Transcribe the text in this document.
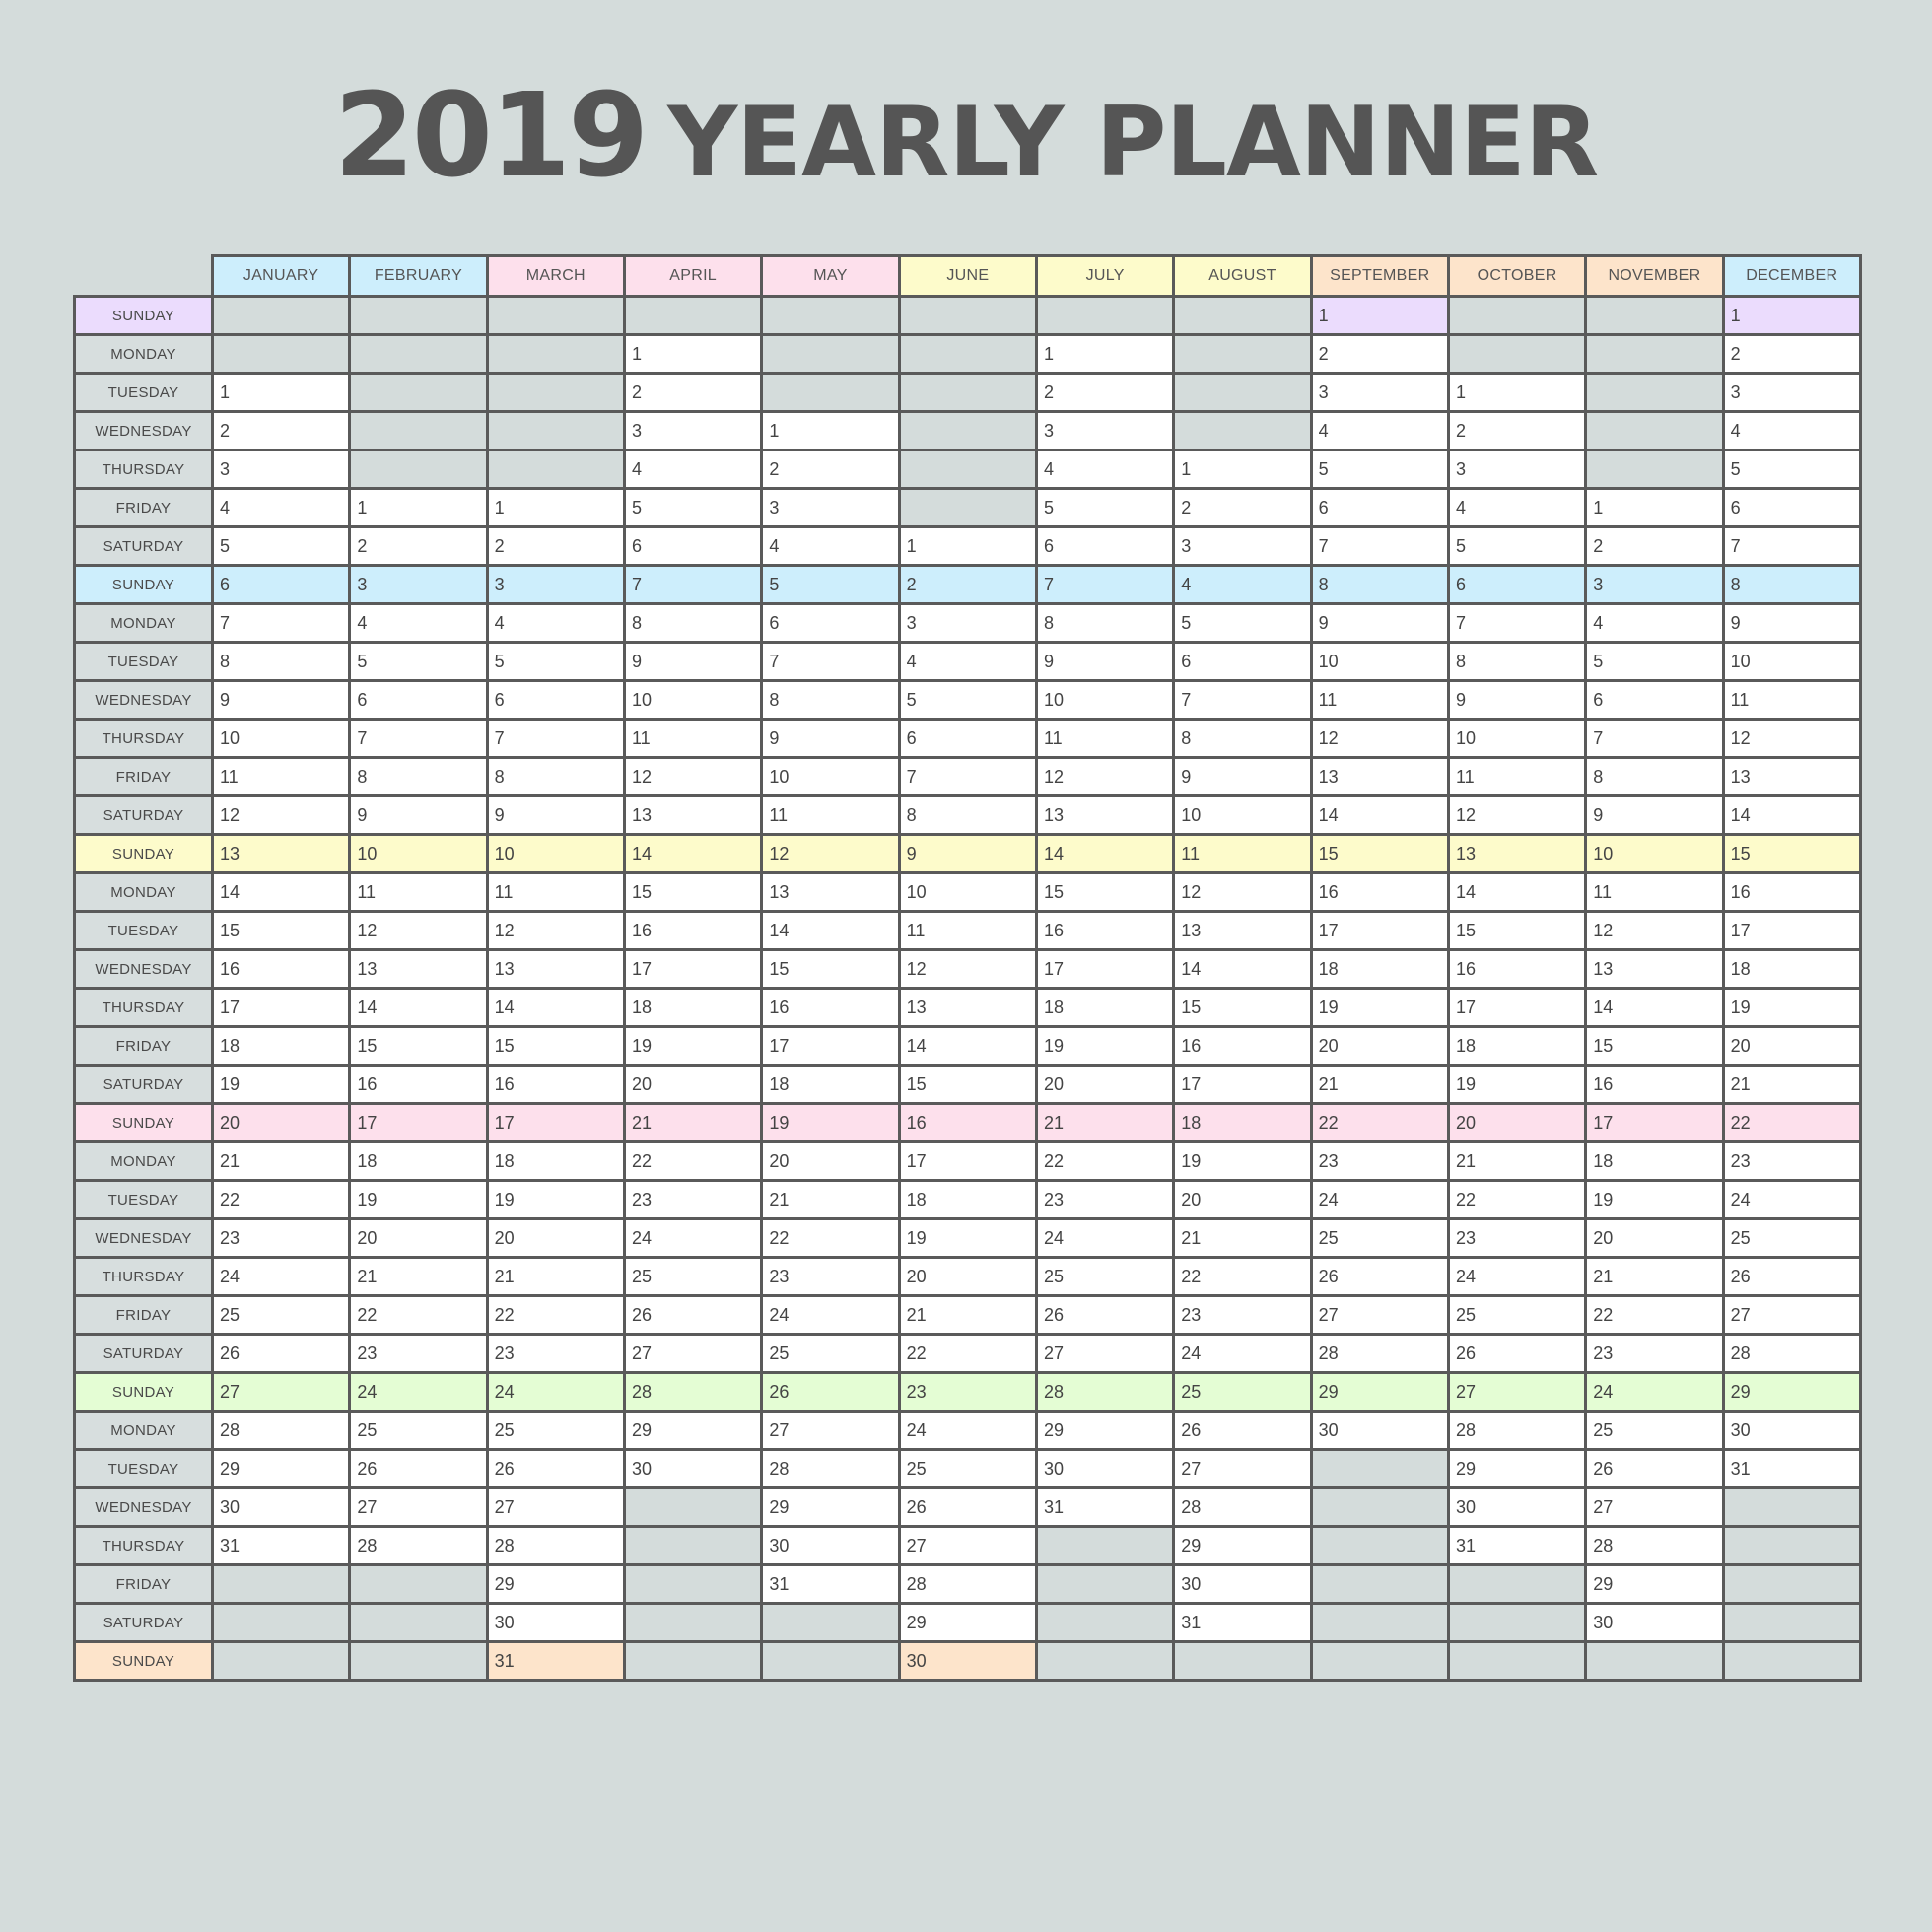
2019 YEARLY PLANNER
	JANUARY	FEBRUARY	MARCH	APRIL	MAY	JUNE	JULY	AUGUST	SEPTEMBER	OCTOBER	NOVEMBER	DECEMBER
SUNDAY									1			1
MONDAY				1			1		2			2
TUESDAY	1			2			2		3	1		3
WEDNESDAY	2			3	1		3		4	2		4
THURSDAY	3			4	2		4	1	5	3		5
FRIDAY	4	1	1	5	3		5	2	6	4	1	6
SATURDAY	5	2	2	6	4	1	6	3	7	5	2	7
SUNDAY	6	3	3	7	5	2	7	4	8	6	3	8
MONDAY	7	4	4	8	6	3	8	5	9	7	4	9
TUESDAY	8	5	5	9	7	4	9	6	10	8	5	10
WEDNESDAY	9	6	6	10	8	5	10	7	11	9	6	11
THURSDAY	10	7	7	11	9	6	11	8	12	10	7	12
FRIDAY	11	8	8	12	10	7	12	9	13	11	8	13
SATURDAY	12	9	9	13	11	8	13	10	14	12	9	14
SUNDAY	13	10	10	14	12	9	14	11	15	13	10	15
MONDAY	14	11	11	15	13	10	15	12	16	14	11	16
TUESDAY	15	12	12	16	14	11	16	13	17	15	12	17
WEDNESDAY	16	13	13	17	15	12	17	14	18	16	13	18
THURSDAY	17	14	14	18	16	13	18	15	19	17	14	19
FRIDAY	18	15	15	19	17	14	19	16	20	18	15	20
SATURDAY	19	16	16	20	18	15	20	17	21	19	16	21
SUNDAY	20	17	17	21	19	16	21	18	22	20	17	22
MONDAY	21	18	18	22	20	17	22	19	23	21	18	23
TUESDAY	22	19	19	23	21	18	23	20	24	22	19	24
WEDNESDAY	23	20	20	24	22	19	24	21	25	23	20	25
THURSDAY	24	21	21	25	23	20	25	22	26	24	21	26
FRIDAY	25	22	22	26	24	21	26	23	27	25	22	27
SATURDAY	26	23	23	27	25	22	27	24	28	26	23	28
SUNDAY	27	24	24	28	26	23	28	25	29	27	24	29
MONDAY	28	25	25	29	27	24	29	26	30	28	25	30
TUESDAY	29	26	26	30	28	25	30	27		29	26	31
WEDNESDAY	30	27	27		29	26	31	28		30	27	
THURSDAY	31	28	28		30	27		29		31	28	
FRIDAY			29		31	28		30			29	
SATURDAY			30			29		31			30	
SUNDAY			31			30						
